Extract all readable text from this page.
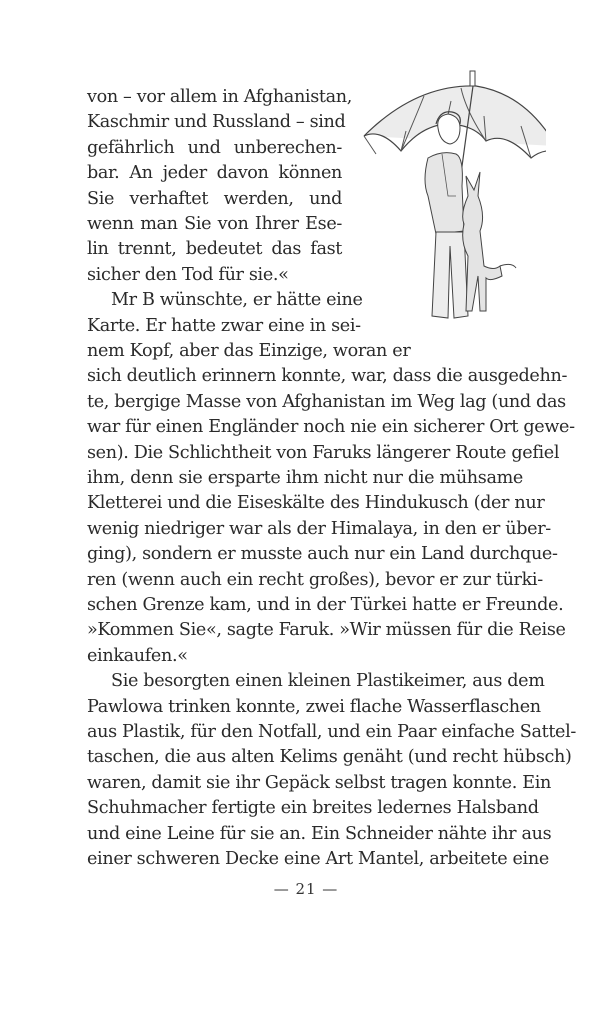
von – vor allem in Afghanistan,
Kaschmir und Russland – sind
gefährlich und unberechen-
bar. An jeder davon können
Sie verhaftet werden, und
wenn man Sie von Ihrer Ese-
lin trennt, bedeutet das fast
sicher den Tod für sie.«
Mr B wünschte, er hätte eine
Karte. Er hatte zwar eine in sei-
nem Kopf, aber das Einzige, woran er
sich deutlich erinnern konnte, war, dass die ausgedehn-
te, bergige Masse von Afghanistan im Weg lag (und das
war für einen Engländer noch nie ein sicherer Ort gewe-
sen). Die Schlichtheit von Faruks längerer Route gefiel
ihm, denn sie ersparte ihm nicht nur die mühsame
Kletterei und die Eiseskälte des Hindukusch (der nur
wenig niedriger war als der Himalaya, in den er über-
ging), sondern er musste auch nur ein Land durchque-
ren (wenn auch ein recht großes), bevor er zur türki-
schen Grenze kam, und in der Türkei hatte er Freunde.
»Kommen Sie«, sagte Faruk. »Wir müssen für die Reise
einkaufen.«
Sie besorgten einen kleinen Plastikeimer, aus dem
Pawlowa trinken konnte, zwei flache Wasserflaschen
aus Plastik, für den Notfall, und ein Paar einfache Sattel-
taschen, die aus alten Kelims genäht (und recht hübsch)
waren, damit sie ihr Gepäck selbst tragen konnte. Ein
Schuhmacher fertigte ein breites ledernes Halsband
und eine Leine für sie an. Ein Schneider nähte ihr aus
einer schweren Decke eine Art Mantel, arbeitete eine
— 21 —
